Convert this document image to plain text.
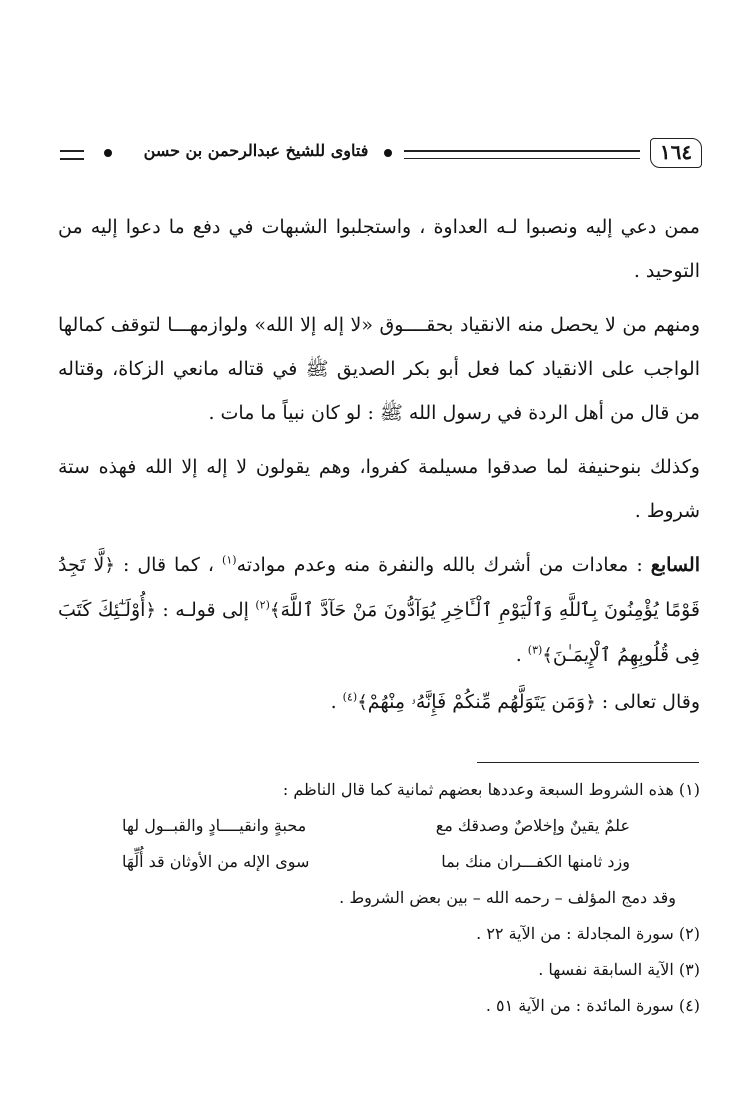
١٦٤
فتاوى للشيخ عبدالرحمن بن حسن

ممن دعي إليه ونصبوا لـه العداوة ، واستجلبوا الشبهات في دفع ما دعوا إليه من التوحيد .

ومنهم من لا يحصل منه الانقياد بحقــــوق «لا إله إلا الله» ولوازمهـــا لتوقف كمالها الواجب على الانقياد كما فعل أبو بكر الصديق ﷺ في قتاله مانعي الزكاة، وقتاله من قال من أهل الردة في رسول الله ﷺ : لو كان نبياً ما مات .

وكذلك بنوحنيفة لما صدقوا مسيلمة كفروا، وهم يقولون لا إله إلا الله فهذه ستة شروط .

السابع : معادات من أشرك بالله والنفرة منه وعدم موادته$^{(١)}$ ، كما قال : ﴿لَّا تَجِدُ قَوْمًا يُؤْمِنُونَ بِٱللَّهِ وَٱلْيَوْمِ ٱلْـَٔاخِرِ يُوَآدُّونَ مَنْ حَآدَّ ٱللَّهَ﴾$^{(٢)}$ إلى قولـه : ﴿أُوْلَـٰٓئِكَ كَتَبَ فِى قُلُوبِهِمُ ٱلْإِيمَـٰنَ﴾$^{(٣)}$ .

وقال تعالى : ﴿وَمَن يَتَوَلَّهُم مِّنكُمْ فَإِنَّهُۥ مِنْهُمْ﴾$^{(٤)}$ .

(١) هذه الشروط السبعة وعددها بعضهم ثمانية كما قال الناظم :

علمٌ يقينٌ وإخلاصٌ وصدقك مع
محبةٍ وانقيــــادٍ والقبــول لها
وزد ثامنها الكفـــران منك بما
سوى الإله من الأوثان قد أُلِّهَا

وقد دمج المؤلف – رحمه الله – بين بعض الشروط .

(٢) سورة المجادلة : من الآية ٢٢ .

(٣) الآية السابقة نفسها .

(٤) سورة المائدة : من الآية ٥١ .
